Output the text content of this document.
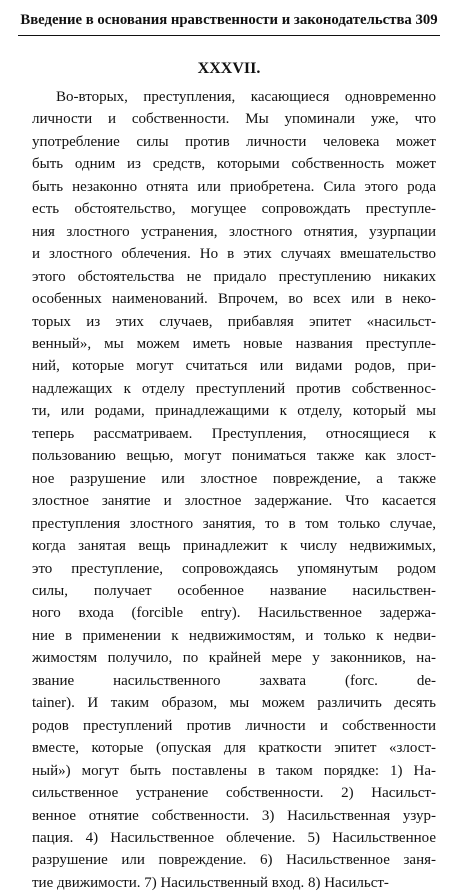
Введение в основания нравственности и законодательства 309
XXXVII.
Во-вторых, преступления, касающиеся одновременно
личности и собственности. Мы упоминали уже, что
употребление силы против личности человека может
быть одним из средств, которыми собственность может
быть незаконно отнята или приобретена. Сила этого рода
есть обстоятельство, могущее сопровождать преступле-
ния злостного устранения, злостного отнятия, узурпации
и злостного облечения. Но в этих случаях вмешательство
этого обстоятельства не придало преступлению никаких
особенных наименований. Впрочем, во всех или в неко-
торых из этих случаев, прибавляя эпитет «насильст-
венный», мы можем иметь новые названия преступле-
ний, которые могут считаться или видами родов, при-
надлежащих к отделу преступлений против собственнос-
ти, или родами, принадлежащими к отделу, который мы
теперь рассматриваем. Преступления, относящиеся к
пользованию вещью, могут пониматься также как злост-
ное разрушение или злостное повреждение, а также
злостное занятие и злостное задержание. Что касается
преступления злостного занятия, то в том только случае,
когда занятая вещь принадлежит к числу недвижимых,
это преступление, сопровождаясь упомянутым родом
силы, получает особенное название насильствен-
ного входа (forcible entry). Насильственное задержа-
ние в применении к недвижимостям, и только к недви-
жимостям получило, по крайней мере у законников, на-
звание насильственного захвата (forc. de-
tainer). И таким образом, мы можем различить десять
родов преступлений против личности и собственности
вместе, которые (опуская для краткости эпитет «злост-
ный») могут быть поставлены в таком порядке: 1) На-
сильственное устранение собственности. 2) Насильст-
венное отнятие собственности. 3) Насильственная узур-
пация. 4) Насильственное облечение. 5) Насильственное
разрушение или повреждение. 6) Насильственное заня-
тие движимости. 7) Насильственный вход. 8) Насильст-
